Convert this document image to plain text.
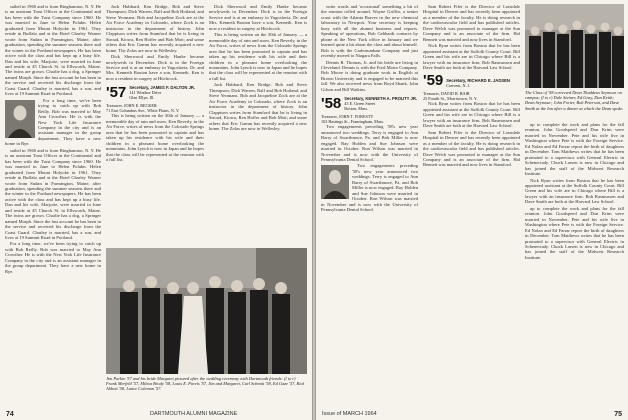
sailed in 1960 and is from Binghamton, N. Y. He is an assistant Trust Officer at the Continental and has been with the Trust Company since 1960. He was married in June to Helen Poluhn. Helen graduated from Mount Holyoke in 1961. They reside in Buffalo and at the Hotel Charley Warner wrote from Sudan in Farmington, Maine, after graduation, spending the summer seasons there and the winter in the Portland newspapers. He has been active with the class and has kept up a busy life. Dan and his wife, Marjorie, were married in June and reside at 45 Church St. in Ellsworth, Maine. The twins are grown. Charlie has a dog, a Springer named Murph. Since the last account he has been in the service and received his discharge from the Coast Guard. Charley is married, has a son, and lives at 19 Summit Road in Portland.

For a long time, we've been trying to catch up with Bob Reilly. Bob was married to May Ann Crowther. He is with the New York Life Insurance Company in the city and is an assistant manager in the group department. They have a new home in Rye.

sailed in 1960 and is from Binghamton, N. Y. He is an assistant Trust Officer at the Continental and has been with the Trust Company since 1960. He was married in June to Helen Poluhn. Helen graduated from Mount Holyoke in 1961. They reside in Buffalo and at the Hotel Charley Warner wrote from Sudan in Farmington, Maine, after graduation, spending the summer seasons there and the winter in the Portland newspapers. He has been active with the class and has kept up a busy life. Dan and his wife, Marjorie, were married in June and reside at 45 Church St. in Ellsworth, Maine. The twins are grown. Charlie has a dog, a Springer named Murph. Since the last account he has been in the service and received his discharge from the Coast Guard. Charley is married, has a son, and lives at 19 Summit Road in Portland.

For a long time, we've been trying to catch up with Bob Reilly. Bob was married to May Ann Crowther. He is with the New York Life Insurance Company in the city and is an assistant manager in the group department. They have a new home in Rye.

Jack Hubbard, Ken Bridge, Bob and Steve Thompson; Dick Warren, Ralf and Bob Hoiland, and Steve Yeomans. Bob and Jacqueline Zock are at the Air Force Academy in Colorado, where Zock is an instructor in the department of history. John Clappison writes from Stamford that he is living in Stroud, Kiowa, Ren Hoffer and Bob Mott; and some others that Eric Gamm has recently acquired a new home. The Zolas are now in Wellesley.

Dick Sherwood and Emily Hanke became newlyweds in December. Dick is in the Foreign Service and is at an embassy in Yugoslavia. Dr. and Mrs. Kenneth Bouton have a son, Kenneth. Ken is now a resident in surgery at Hitchcock.

'57 Secretary, JAMES F. DALTON JR.
141 Windsor Drive
Glen Ellyn, Ill.
Treasurer, JOHN E. BECKER
71 East Columbus Ave., White Plains, N. Y.

This is being written on the 30th of January — a memorable day of rain and snow. Ken Beverly, in the Air Force, writes of news from the Colorado Springs area that he has been promoted to captain and has taken up his residence with his wife and their children in a pleasant home overlooking the mountains. John Lynch is now in Japan and he hopes that the class will be represented at the reunion with a full list.

Dick Sherwood and Emily Hanke became newlyweds in December. Dick is in the Foreign Service and is at an embassy in Yugoslavia. Dr. and Mrs. Kenneth Bouton have a son, Kenneth. Ken is now a resident in surgery at Hitchcock.

This is being written on the 30th of January — a memorable day of rain and snow. Ken Beverly, in the Air Force, writes of news from the Colorado Springs area that he has been promoted to captain and has taken up his residence with his wife and their children in a pleasant home overlooking the mountains. John Lynch is now in Japan and he hopes that the class will be represented at the reunion with a full list.

Jack Hubbard, Ken Bridge, Bob and Steve Thompson; Dick Warren, Ralf and Bob Hoiland, and Steve Yeomans. Bob and Jacqueline Zock are at the Air Force Academy in Colorado, where Zock is an instructor in the department of history. John Clappison writes from Stamford that he is living in Stroud, Kiowa, Ren Hoffer and Bob Mott; and some others that Eric Gamm has recently acquired a new home. The Zolas are now in Wellesley.

Jim Parkin '57 and his bride Margaret pictured after the wedding ceremony with Dartmouth friends: (l to r) Frank Merfeld '57, Milton Brody '58, Louis E. Purvis '57, Jim and Margaret, Carl Schmitt '58, Ed Gaze '57, Rick Abbott '58, Lance Coleman '57.
74	DARTMOUTH ALUMNI MAGAZINE

write words and 'occasional' something a bit of the reunion rolled around. Wayne Griffin, a senior scout with the Atlanta Braves in the new chemical laboratory in Newport. Your secretary is keeping busy with all the alumni business and reports. Speaking of operations, Bob Gebhardt contacts by phone at the New York office in January and we learned quite a bit about the class and about himself. Bob is with the Carborundum Company and just recently moved to Niagara Falls.

Dennis R. Thomas, Jr. and his bride are living in Cleveland. Dennis is with the Ford Motor Company. Bob Moore is doing graduate work in English at Brown University and is engaged to be married this fall. We also received news from Boyd Shank, John Gilson and Bill Watkins.

'58 Secretary, KENNETH A. PROUTY JR.
43 E. Green Street
Boston, Mass.
Treasurer, JOHN T. FORESTY
103 Hastings St., Framingham, Mass.

Two engagements preceding '58's new year announced two weddings. Terry is engaged to Ann Barry of Swarthmore, Pa. and Bob Miller is now engaged. Ray Holden and Sue Johnson were married in October. Ron Wilson was married in November and is now with the University of Pennsylvania Dental School.

Two engagements preceding '58's new year announced two weddings. Terry is engaged to Ann Barry of Swarthmore, Pa. and Bob Miller is now engaged. Ray Holden and Sue Johnson were married in October. Ron Wilson was married in November and is now with the University of Pennsylvania Dental School.

Sam Robert Fifer is the Director of Lonsdale Hospital in Denver and has recently been appointed as a member of the faculty. He is doing research in the cardiovascular field and has published articles. Dave Welch was promoted to manager at the Sun Company and is an associate of the firm. Hal Bennett was married and now lives in Stamford.

Nick Ryan writes from Boston that he has been appointed assistant at the Suffolk County Court. Bill Green and his wife are in Chicago where Bill is a lawyer with an insurance firm. Bob Rasmussen and Dave Smith are both at the Harvard Law School.

'59 Secretary, RICHARD E. JADSEN
Convent, N. J.
Treasurer, DAVID B. BAIR
25 Fourth St., Morristown, N. Y.

Nick Ryan writes from Boston that he has been appointed assistant at the Suffolk County Court. Bill Green and his wife are in Chicago where Bill is a lawyer with an insurance firm. Bob Rasmussen and Dave Smith are both at the Harvard Law School.

Sam Robert Fifer is the Director of Lonsdale Hospital in Denver and has recently been appointed as a member of the faculty. He is doing research in the cardiovascular field and has published articles. Dave Welch was promoted to manager at the Sun Company and is an associate of the firm. Hal Bennett was married and now lives in Stamford.

The Class of '58 corrected Dean Thaddeus Seymour on campus; (l to r) Dale Steiner, Ed Gray, Dan Keith; Dean Seymour; John Forter, Bob Peterson, and Dave Smith at the Inn after a dinner at which the Dean spoke.

up to complete the work and plans for the fall reunion. John Goodspeed and Don Krim were married in November. Pete and his wife live in Washington where Pete is with the Foreign Service. Ed Nolan and Ed Farrar report the birth of daughters in December. Tom Matthews writes that he has been promoted to a supervisor with General Electric in Schenectady. Chuck Larsen is now in Chicago and has joined the staff of the Midwest Research Institute.

Nick Ryan writes from Boston that he has been appointed assistant at the Suffolk County Court. Bill Green and his wife are in Chicago where Bill is a lawyer with an insurance firm. Bob Rasmussen and Dave Smith are both at the Harvard Law School.

up to complete the work and plans for the fall reunion. John Goodspeed and Don Krim were married in November. Pete and his wife live in Washington where Pete is with the Foreign Service. Ed Nolan and Ed Farrar report the birth of daughters in December. Tom Matthews writes that he has been promoted to a supervisor with General Electric in Schenectady. Chuck Larsen is now in Chicago and has joined the staff of the Midwest Research Institute.

Issue of MARCH 1964	75
